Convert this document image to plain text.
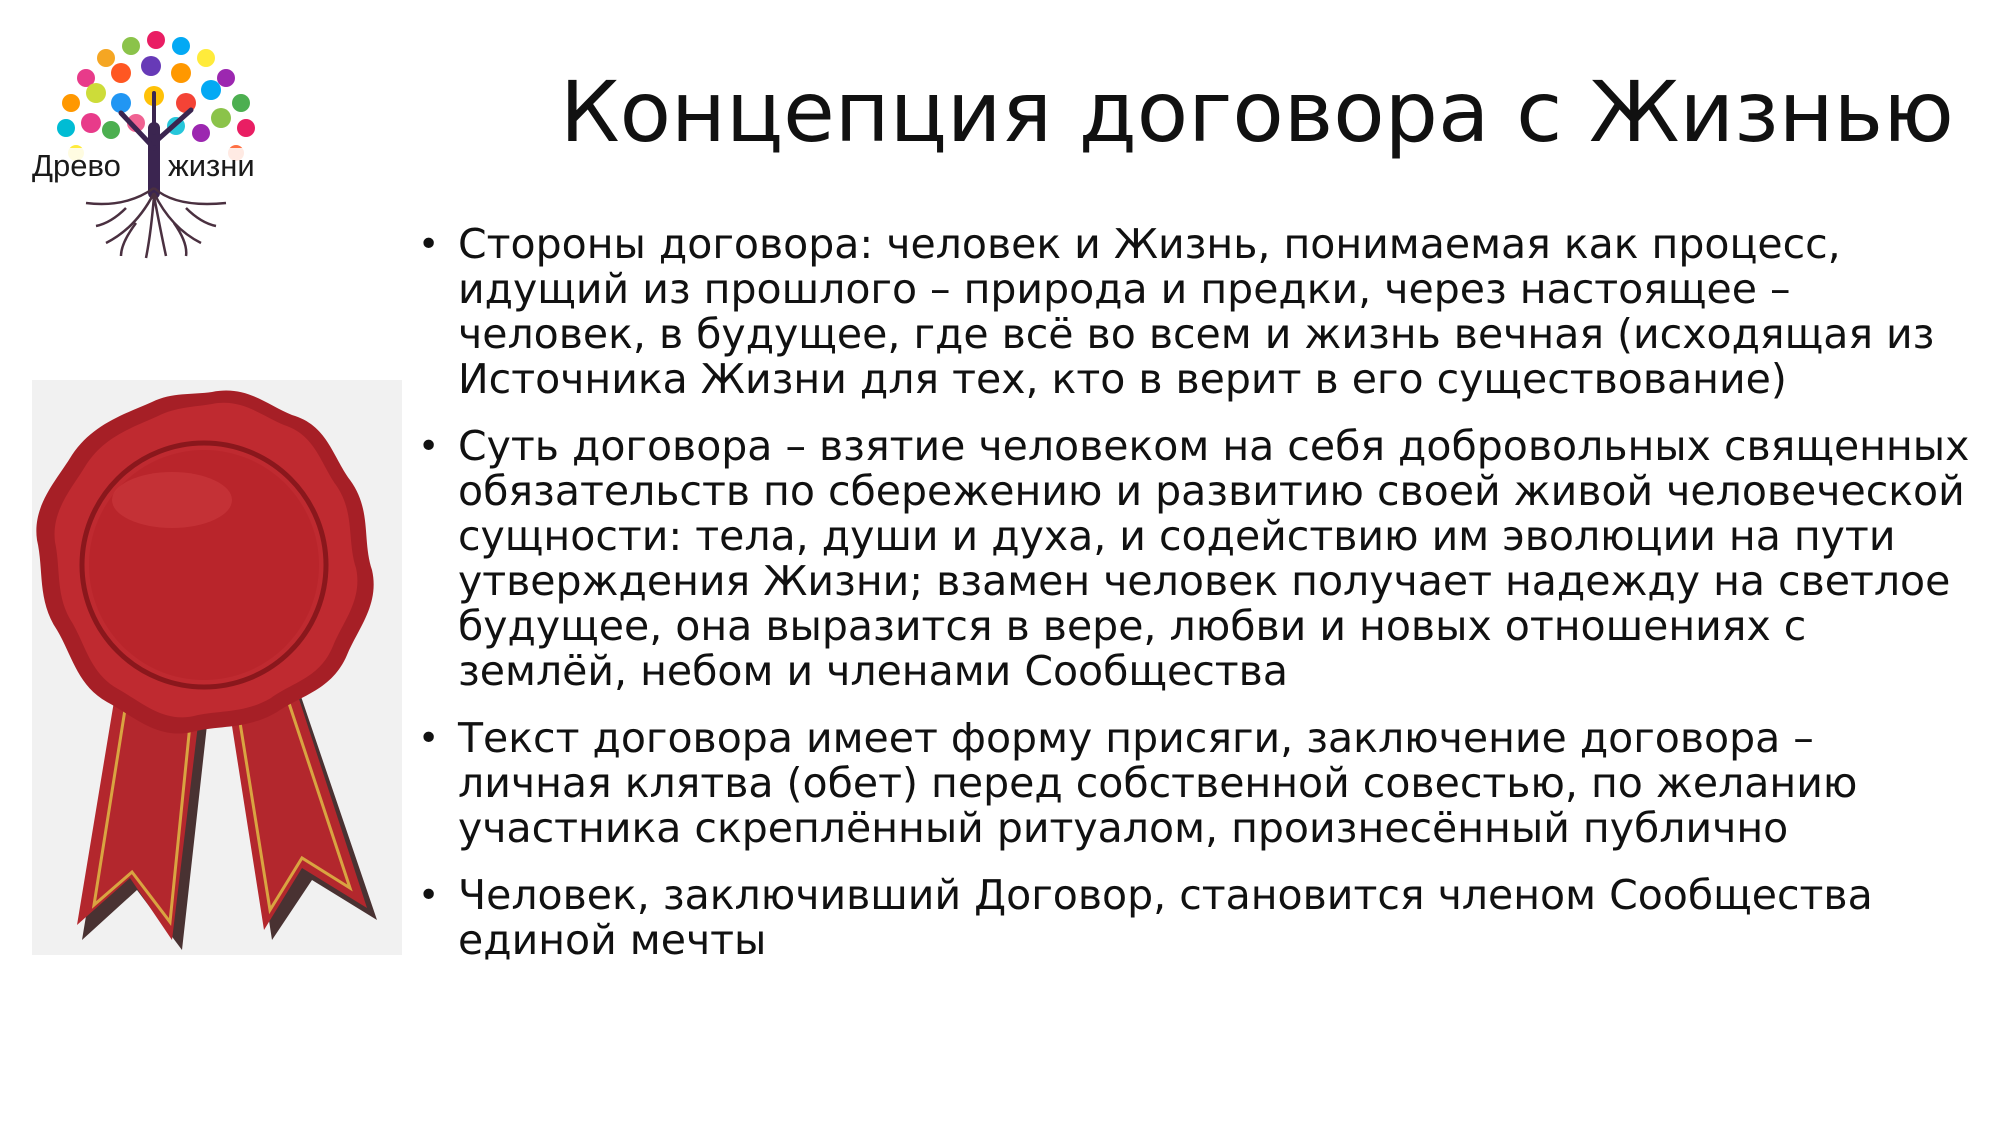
Древо жизни
Концепция договора с Жизнью
• Стороны договора: человек и Жизнь, понимаемая как процесс, идущий из прошлого – природа и предки, через настоящее – человек, в будущее, где всё во всем и жизнь вечная (исходящая из Источника Жизни для тех, кто в верит в его существование)
• Суть договора – взятие человеком на себя добровольных священных обязательств по сбережению и развитию своей живой человеческой сущности: тела, души и духа, и содействию им эволюции на пути утверждения Жизни; взамен человек получает надежду на светлое будущее, она выразится в вере, любви и новых отношениях с землёй, небом и членами Сообщества
• Текст договора имеет форму присяги, заключение договора – личная клятва (обет) перед собственной совестью, по желанию участника скреплённый ритуалом, произнесённый публично
• Человек, заключивший Договор, становится членом Сообщества единой мечты
